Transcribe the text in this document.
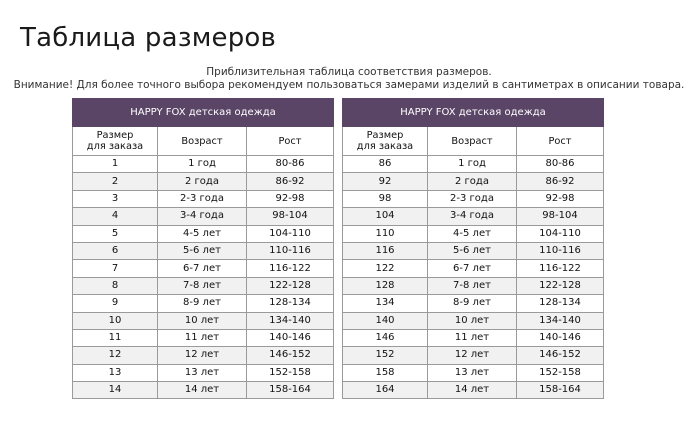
Таблица размеров
Приблизительная таблица соответствия размеров.
Внимание! Для более точного выбора рекомендуем пользоваться замерами изделий в сантиметрах в описании товара.
HAPPY FOX детская одежда		
Размер
для заказа	Возраст	Рост
1	1 год	80-86
2	2 года	86-92
3	2-3 года	92-98
4	3-4 года	98-104
5	4-5 лет	104-110
6	5-6 лет	110-116
7	6-7 лет	116-122
8	7-8 лет	122-128
9	8-9 лет	128-134
10	10 лет	134-140
11	11 лет	140-146
12	12 лет	146-152
13	13 лет	152-158
14	14 лет	158-164
HAPPY FOX детская одежда		
Размер
для заказа	Возраст	Рост
86	1 год	80-86
92	2 года	86-92
98	2-3 года	92-98
104	3-4 года	98-104
110	4-5 лет	104-110
116	5-6 лет	110-116
122	6-7 лет	116-122
128	7-8 лет	122-128
134	8-9 лет	128-134
140	10 лет	134-140
146	11 лет	140-146
152	12 лет	146-152
158	13 лет	152-158
164	14 лет	158-164
